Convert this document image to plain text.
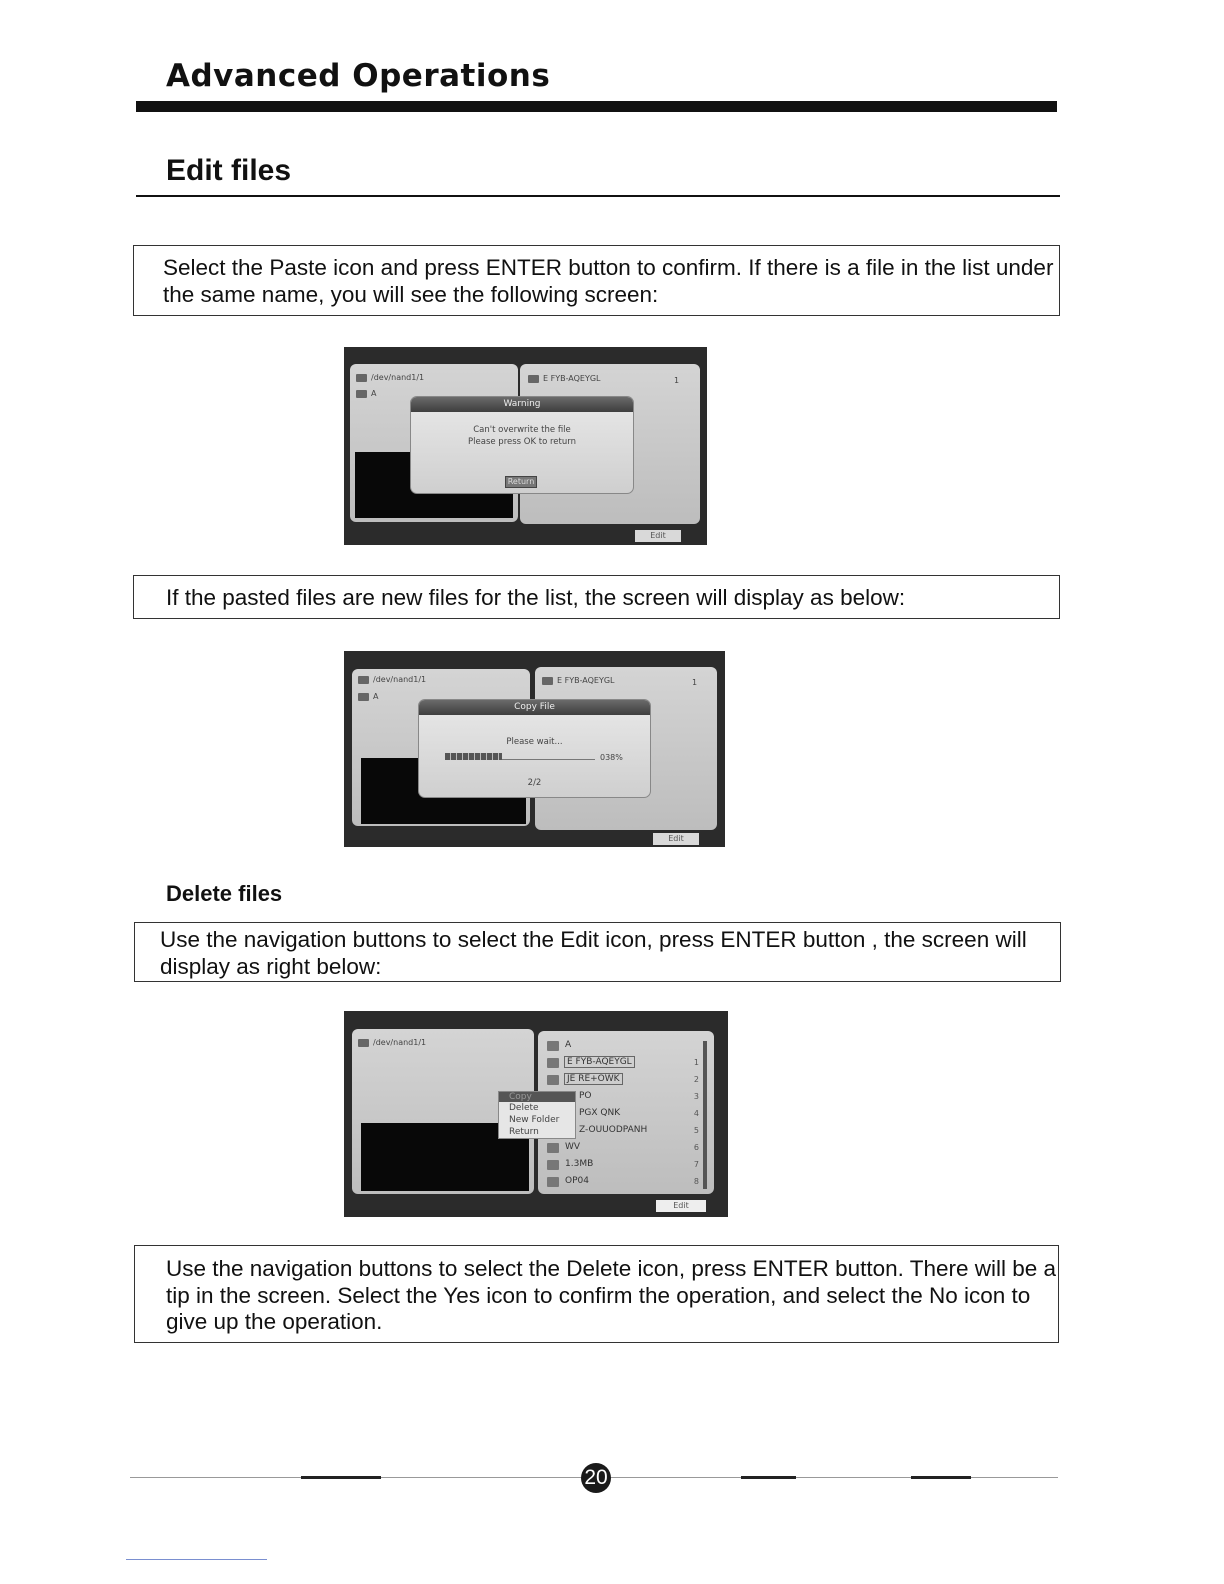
Advanced Operations
Edit files
Select the Paste icon and press ENTER button to confirm. If there is a file in the list under the same name, you will see the following screen:
/dev/nand1/1
A
E FYB-AQEYGL	1
Warning
Can't overwrite the file
Please press OK to return
Return
Edit
If the pasted files are new files for the list, the screen will display as below:
/dev/nand1/1
A
E FYB-AQEYGL	1
Copy File
Please wait...
038%
2/2
Edit
Delete files
Use the navigation buttons to select the Edit icon, press ENTER button , the screen will display as right below:
/dev/nand1/1	A
E FYB-AQEYGL	1
JE RE+OWK	2
PO	3
PGX QNK	4
Z-OUUODPANH	5
WV	6
1.3MB	7
OP04	8
Copy
Delete
New Folder
Return
Edit
Use the navigation buttons to select the Delete icon, press ENTER button. There will be a tip in the screen. Select the Yes icon to confirm the operation, and select the No icon to give up the operation.
20
